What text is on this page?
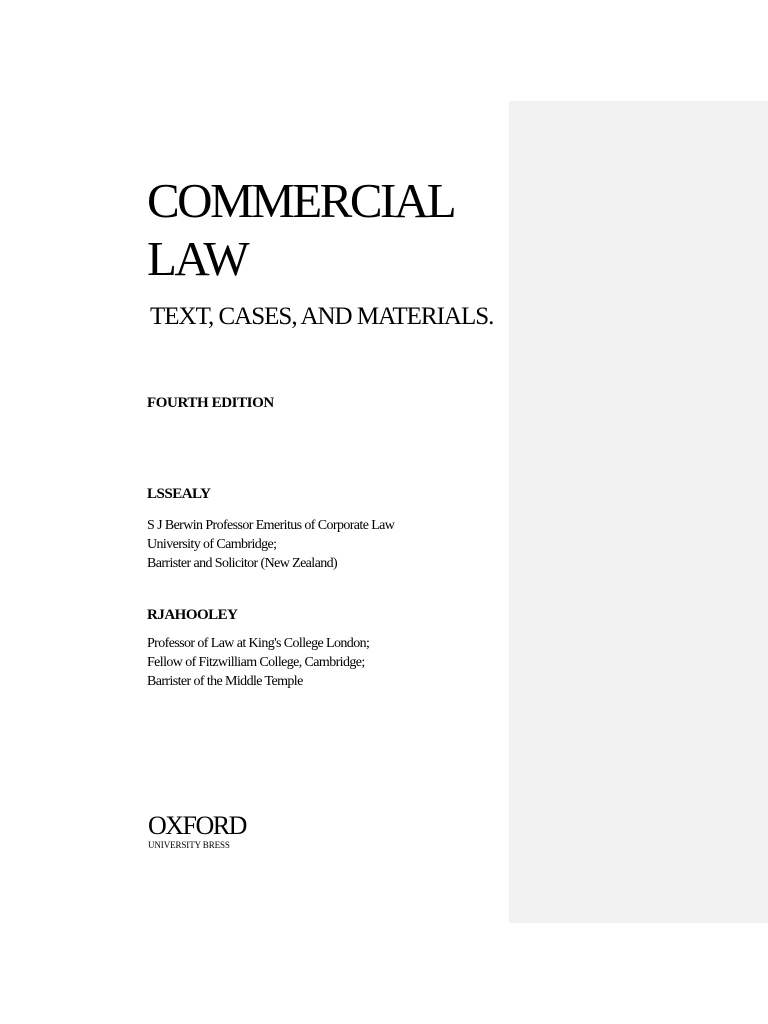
COMMERCIAL
LAW
TEXT, CASES, AND MATERIALS.
FOURTH EDITION
LSSEALY
S J Berwin Professor Emeritus of Corporate Law
University of Cambridge;
Barrister and Solicitor (New Zealand)
RJAHOOLEY
Professor of Law at King's College London;
Fellow of Fitzwilliam College, Cambridge;
Barrister of the Middle Temple
OXFORD
UNIVERSITY BRESS
